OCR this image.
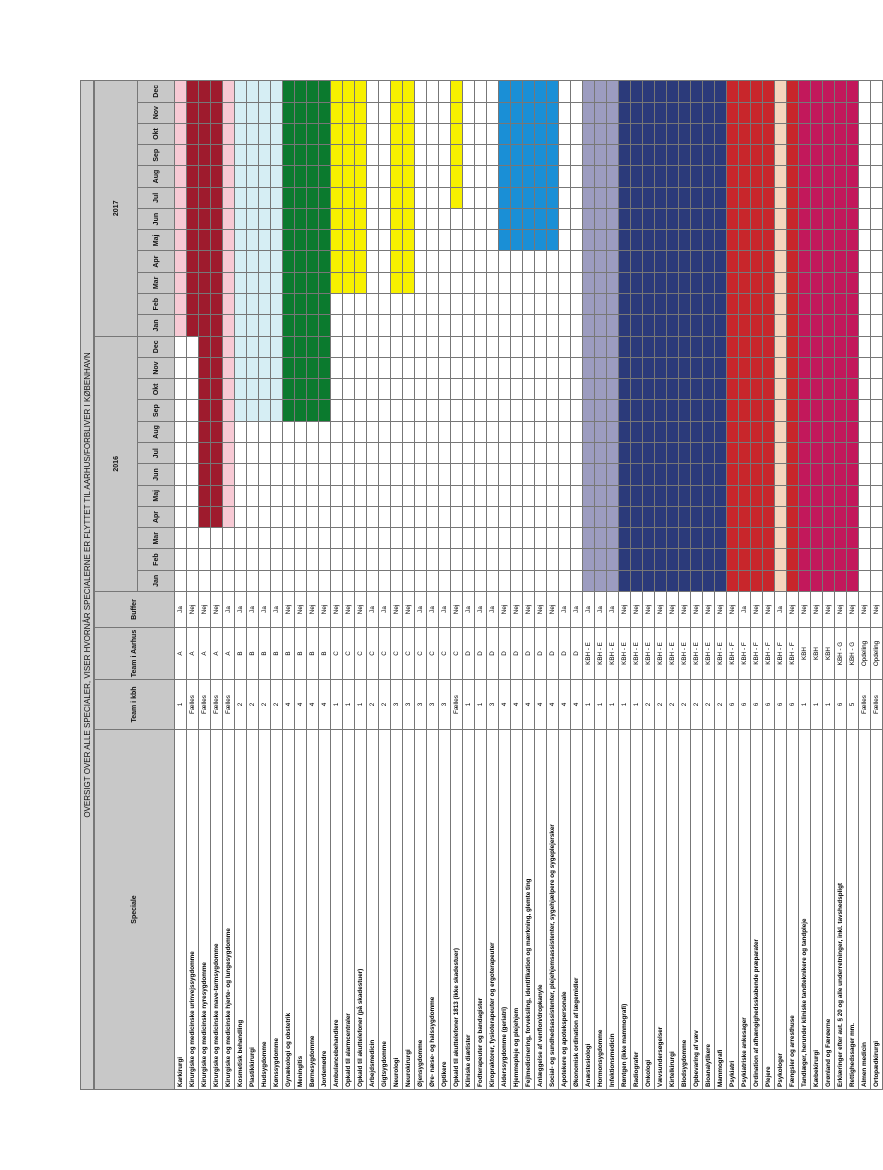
OVERSIGT OVER ALLE SPECIALER, VISER HVORNÅR SPECIALERNE ER FLYTTET TIL AARHUS/FORBLIVER I KØBENHAVN
Speciale	Team i kbh	Team i Aarhus	Buffer	2016												2017											
				Jan	Feb	Mar	Apr	Maj	Jun	Jul	Aug	Sep	Okt	Nov	Dec	Jan	Feb	Mar	Apr	Maj	Jun	Jul	Aug	Sep	Okt	Nov	Dec
Karkirurgi	1	A	Ja																								
Kirurgiske og medicinske urinvejssygdomme	Fælles	A	Nej																								
Kirurgiske og medicinske nyresygdomme	Fælles	A	Nej																								
Kirurgiske og medicinske mave-tarmsygdomme	Fælles	A	Nej																								
Kirurgiske og medicinske hjerte- og lungesygdomme	Fælles	A	Ja																								
Kosmetisk behandling	2	B	Ja																								
Plastikkirurgi	2	B	Ja																								
Hudsygdomme	2	B	Ja																								
Kønssygdomme	2	B	Ja																								
Gynækologi og obstetrik	4	B	Nej																								
Meningitis	4	B	Nej																								
Børnesygdomme	4	B	Nej																								
Jordemødre	4	B	Nej																								
Ambulancebehandlere	1	C	Nej																								
Opkald til alarmcentraler	1	C	Nej																								
Opkald til akuttelefoner (på skadestuer)	1	C	Nej																								
Arbejdsmedicin	2	C	Ja																								
Gigtsygdomme	2	C	Ja																								
Neurologi	3	C	Nej																								
Neurokirurgi	3	C	Nej																								
Øjensygdomme	3	C	Ja																								
Øre- næse- og halssygdomme	3	C	Ja																								
Optikere	3	C	Ja																								
Opkald til akuttelefoner 1813 (ikke skadestuer)	Fælles	C	Nej																								
Kliniske diætister	1	D	Ja																								
Fodterapeuter og bandagister	1	D	Ja																								
Kiropraktorer, fysioterapeuter og ergoterapeuter	3	D	Ja																								
Alderssygdomme (geriatri)	4	D	Nej																								
Hjemmepleje og plejehjem	4	D	Nej																								
Fejlmedicinering, forveksling, identifikation og mærkning, glemte ting	4	D	Nej																								
Anlæggelse af venflon/dropkanyle	4	D	Nej																								
Social- og sundhedsassistenter, plejehjemsassistenter, sygehjælpere og sygeplejersker	4	D	Nej																								
Apotekere og apotekspersonale	4	D	Ja																								
Økonomisk ordination af lægemidler	4	D	Ja																								
Anæstesiologi	1	KBH - E	Ja																								
Hormonsygdomme	1	KBH - E	Ja																								
Infektionsmedicin	1	KBH - E	Ja																								
Røntgen (ikke mammografi)	1	KBH - E	Nej																								
Radiografer	1	KBH - E	Nej																								
Onkologi	2	KBH - E	Nej																								
Vævsundersøgelser	2	KBH - E	Nej																								
Kirtelkirurgi	2	KBH - E	Nej																								
Blodsygdomme	2	KBH - E	Nej																								
Opbevaring af væv	2	KBH - E	Nej																								
Bioanalytikere	2	KBH - E	Nej																								
Mammografi	2	KBH - E	Nej																								
Psykiatri	6	KBH - F	Nej																								
Psykiatriske ankesager	6	KBH - F	Ja																								
Ordination af afhængighedsskabende præparater	6	KBH - F	Nej																								
Plejere	6	KBH - F	Nej																								
Psykologer	6	KBH - F	Ja																								
Fængsler og arresthuse	6	KBH - F	Nej																								
Tandlæger, herunder kliniske tandteknikere og tandpleje	1	KBH	Nej																								
Kæbekirurgi	1	KBH	Nej																								
Grønland og Færøerne	1	KBH	Nej																								
Erklæringer efter aut. § 20 og alle underretninger, inkl. tavshedspligt	6	KBH - G	Nej																								
Rettighedssager mm.	5	KBH - G	Nej																								
Almen medicin	Fælles	Opdeling	Nej																								
Ortopædkirurgi	Fælles	Opdeling	Nej																								
